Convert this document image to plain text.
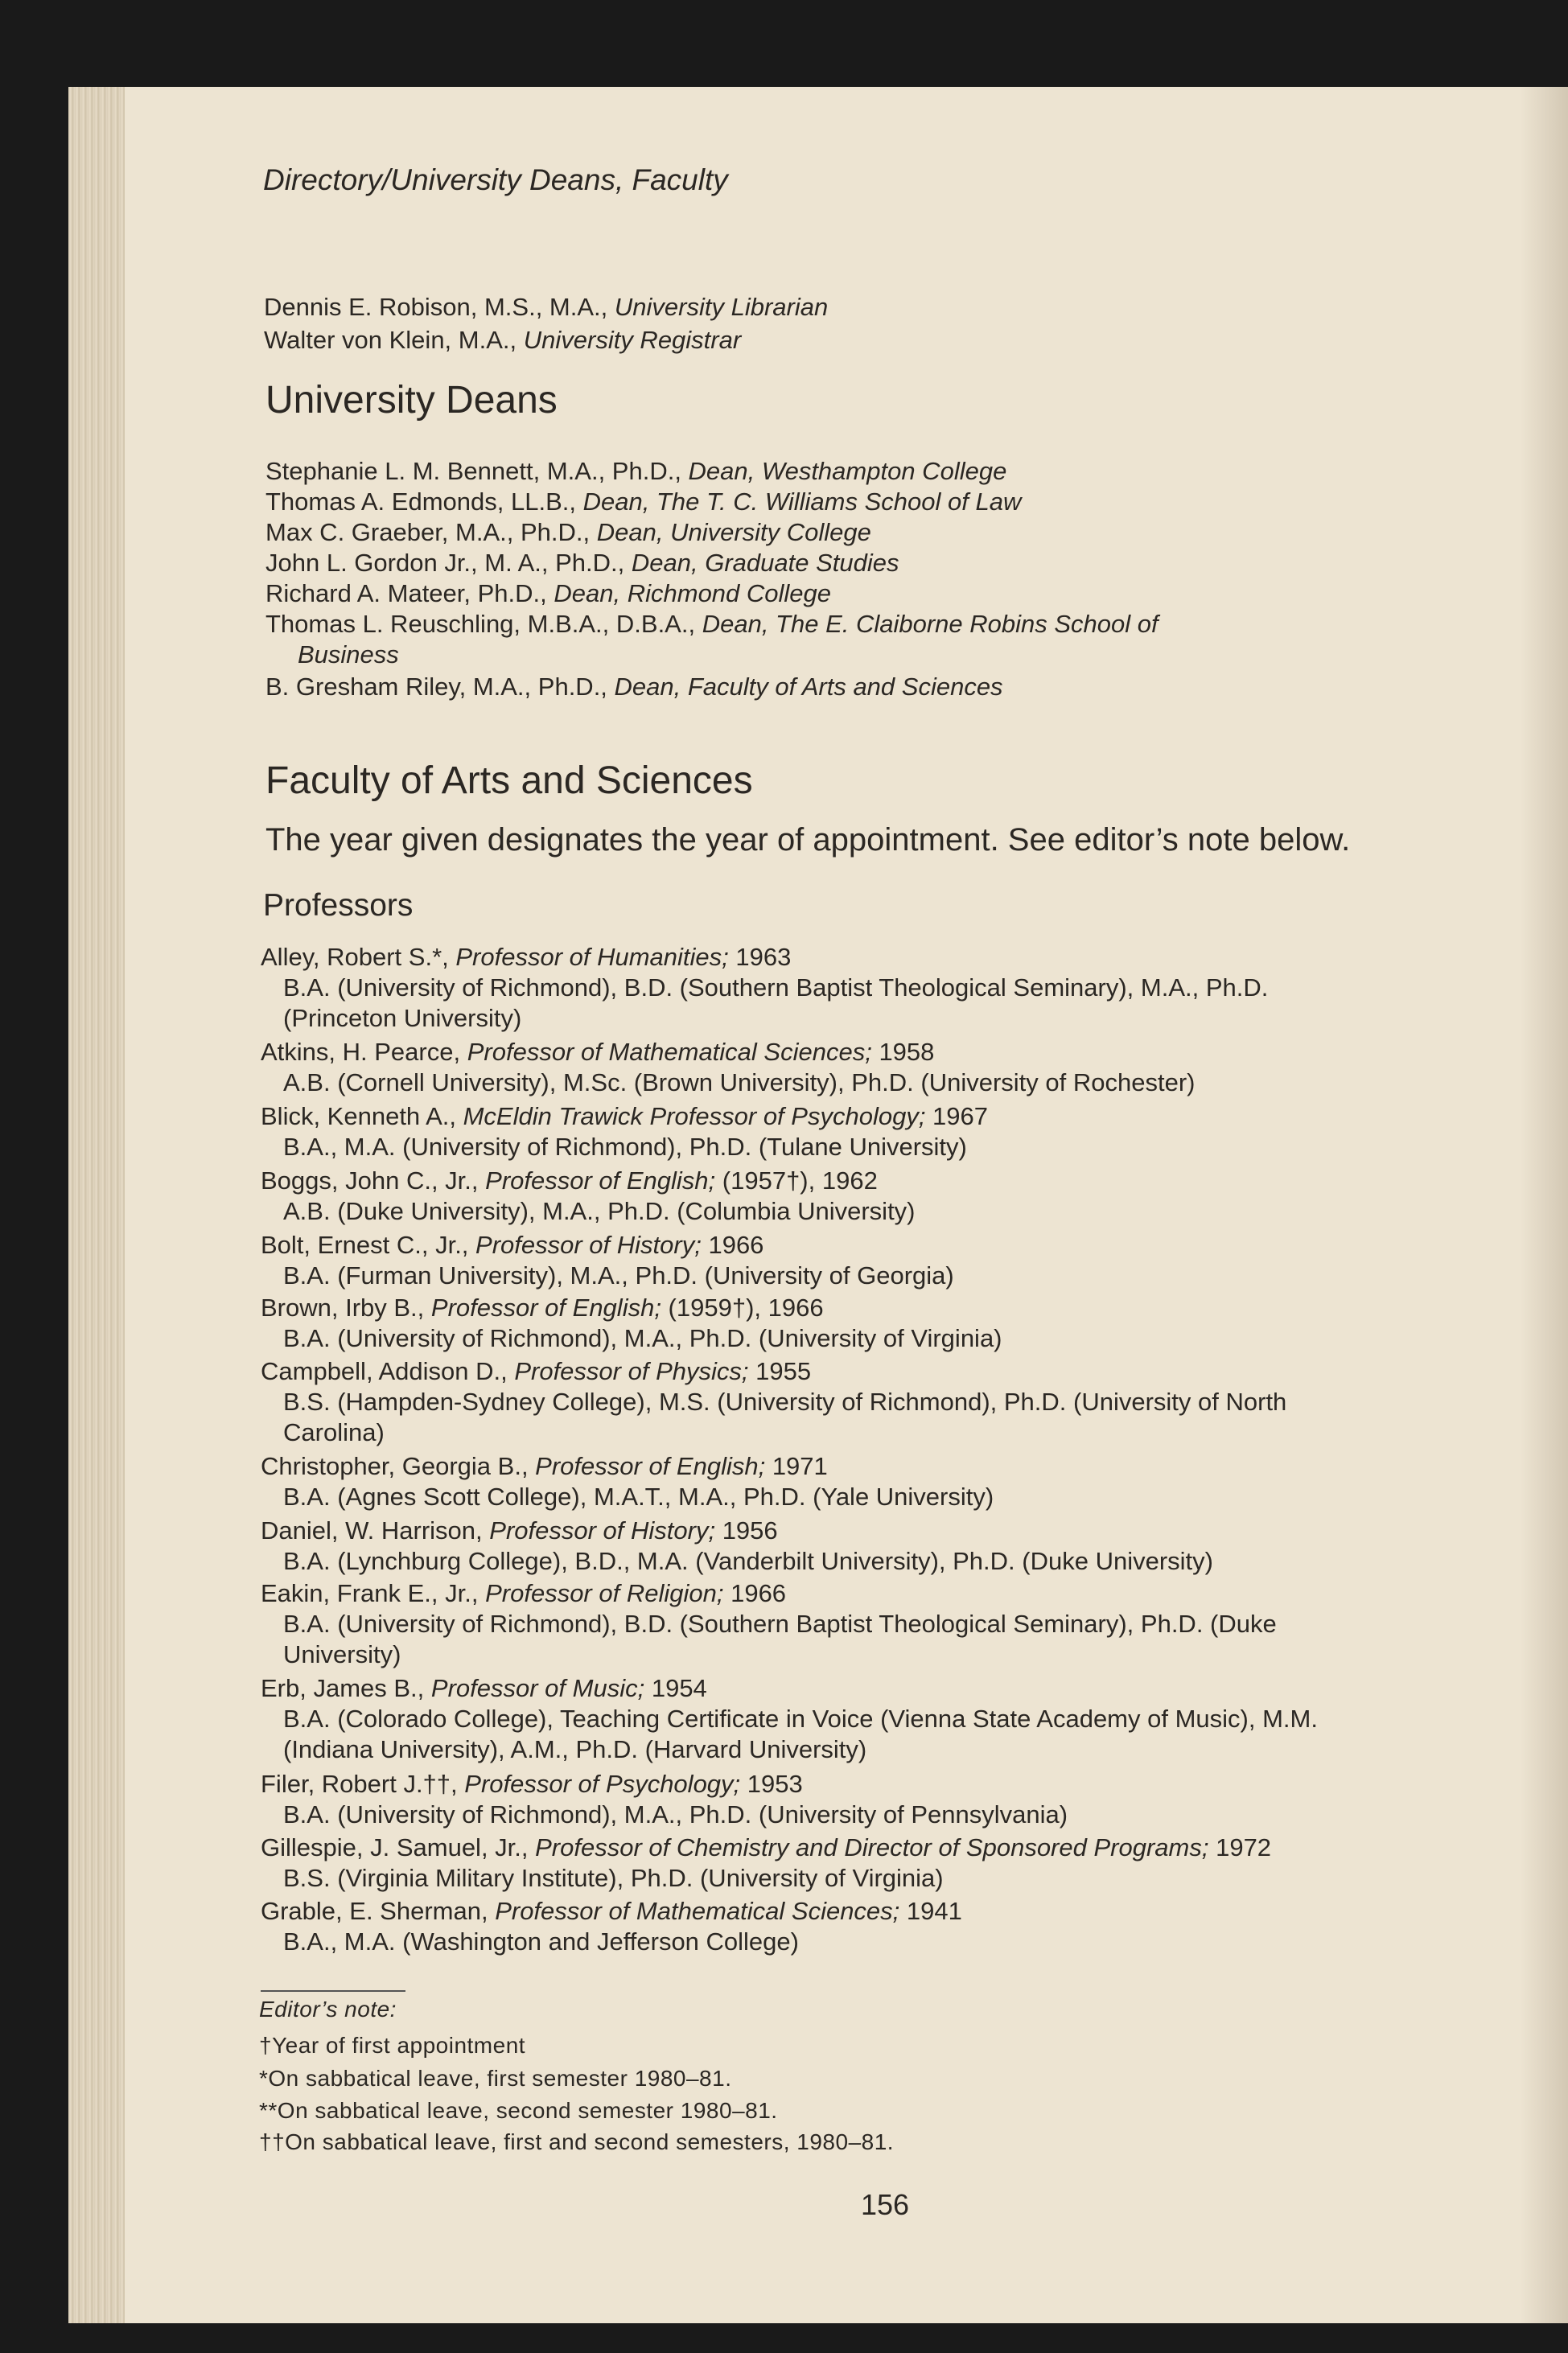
Directory/University Deans, Faculty
Dennis E. Robison, M.S., M.A., University Librarian
Walter von Klein, M.A., University Registrar
University Deans
Stephanie L. M. Bennett, M.A., Ph.D., Dean, Westhampton College
Thomas A. Edmonds, LL.B., Dean, The T. C. Williams School of Law
Max C. Graeber, M.A., Ph.D., Dean, University College
John L. Gordon Jr., M. A., Ph.D., Dean, Graduate Studies
Richard A. Mateer, Ph.D., Dean, Richmond College
Thomas L. Reuschling, M.B.A., D.B.A., Dean, The E. Claiborne Robins School of
Business
B. Gresham Riley, M.A., Ph.D., Dean, Faculty of Arts and Sciences
Faculty of Arts and Sciences
The year given designates the year of appointment. See editor’s note below.
Professors
Alley, Robert S.*, Professor of Humanities; 1963
B.A. (University of Richmond), B.D. (Southern Baptist Theological Seminary), M.A., Ph.D.
(Princeton University)
Atkins, H. Pearce, Professor of Mathematical Sciences; 1958
A.B. (Cornell University), M.Sc. (Brown University), Ph.D. (University of Rochester)
Blick, Kenneth A., McEldin Trawick Professor of Psychology; 1967
B.A., M.A. (University of Richmond), Ph.D. (Tulane University)
Boggs, John C., Jr., Professor of English; (1957†), 1962
A.B. (Duke University), M.A., Ph.D. (Columbia University)
Bolt, Ernest C., Jr., Professor of History; 1966
B.A. (Furman University), M.A., Ph.D. (University of Georgia)
Brown, Irby B., Professor of English; (1959†), 1966
B.A. (University of Richmond), M.A., Ph.D. (University of Virginia)
Campbell, Addison D., Professor of Physics; 1955
B.S. (Hampden-Sydney College), M.S. (University of Richmond), Ph.D. (University of North
Carolina)
Christopher, Georgia B., Professor of English; 1971
B.A. (Agnes Scott College), M.A.T., M.A., Ph.D. (Yale University)
Daniel, W. Harrison, Professor of History; 1956
B.A. (Lynchburg College), B.D., M.A. (Vanderbilt University), Ph.D. (Duke University)
Eakin, Frank E., Jr., Professor of Religion; 1966
B.A. (University of Richmond), B.D. (Southern Baptist Theological Seminary), Ph.D. (Duke
University)
Erb, James B., Professor of Music; 1954
B.A. (Colorado College), Teaching Certificate in Voice (Vienna State Academy of Music), M.M.
(Indiana University), A.M., Ph.D. (Harvard University)
Filer, Robert J.††, Professor of Psychology; 1953
B.A. (University of Richmond), M.A., Ph.D. (University of Pennsylvania)
Gillespie, J. Samuel, Jr., Professor of Chemistry and Director of Sponsored Programs; 1972
B.S. (Virginia Military Institute), Ph.D. (University of Virginia)
Grable, E. Sherman, Professor of Mathematical Sciences; 1941
B.A., M.A. (Washington and Jefferson College)
Editor’s note:
†Year of first appointment
*On sabbatical leave, first semester 1980–81.
**On sabbatical leave, second semester 1980–81.
††On sabbatical leave, first and second semesters, 1980–81.
156
